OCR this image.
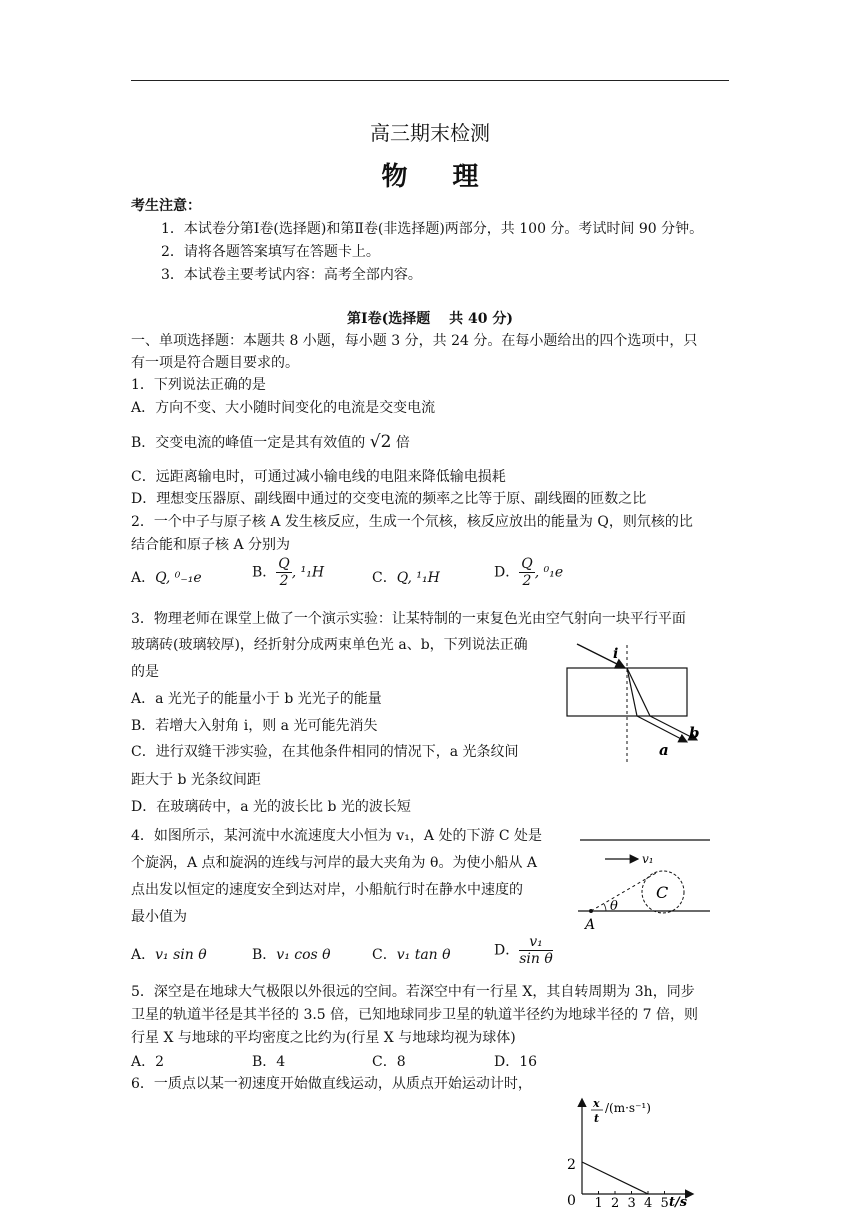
高三期末检测
物 理
考生注意：
1．本试卷分第Ⅰ卷(选择题)和第Ⅱ卷(非选择题)两部分，共 100 分。考试时间 90 分钟。
2．请将各题答案填写在答题卡上。
3．本试卷主要考试内容：高考全部内容。
第Ⅰ卷(选择题　 共 40 分)
一、单项选择题：本题共 8 小题，每小题 3 分，共 24 分。在每小题给出的四个选项中，只
有一项是符合题目要求的。
1．下列说法正确的是
A．方向不变、大小随时间变化的电流是交变电流
B．交变电流的峰值一定是其有效值的 √2 倍
C．远距离输电时，可通过减小输电线的电阻来降低输电损耗
D．理想变压器原、副线圈中通过的交变电流的频率之比等于原、副线圈的匝数之比
2．一个中子与原子核 A 发生核反应，生成一个氘核，核反应放出的能量为 Q，则氘核的比
结合能和原子核 A 分别为
A．Q, ⁰₋₁e	B． $\frac{Q}{2}$ , ¹₁H	C．Q, ¹₁H	D． $\frac{Q}{2}$ , ⁰₁e
3．物理老师在课堂上做了一个演示实验：让某特制的一束复色光由空气射向一块平行平面
玻璃砖(玻璃较厚)，经折射分成两束单色光 a、b，下列说法正确
的是
A．a 光光子的能量小于 b 光光子的能量
B．若增大入射角 i，则 a 光可能先消失
C．进行双缝干涉实验，在其他条件相同的情况下，a 光条纹间
距大于 b 光条纹间距
D．在玻璃砖中，a 光的波长比 b 光的波长短
i
a
b
4．如图所示，某河流中水流速度大小恒为 v₁，A 处的下游 C 处是
个旋涡，A 点和旋涡的连线与河岸的最大夹角为 θ。为使小船从 A
点出发以恒定的速度安全到达对岸，小船航行时在静水中速度的
最小值为
A．v₁ sin θ	B．v₁ cos θ	C．v₁ tan θ	D． $\frac{\text{v₁}}{\text{sin θ}}$
v₁
C
A
θ
5．深空是在地球大气极限以外很远的空间。若深空中有一行星 X，其自转周期为 3h，同步
卫星的轨道半径是其半径的 3.5 倍，已知地球同步卫星的轨道半径约为地球半径的 7 倍，则
行星 X 与地球的平均密度之比约为(行星 X 与地球均视为球体)
A．2	B．4	C．8	D．16
6．一质点以某一初速度开始做直线运动，从质点开始运动计时，
x
t
/(m·s⁻¹)
0
2
t/s
1 2 3 4 5
